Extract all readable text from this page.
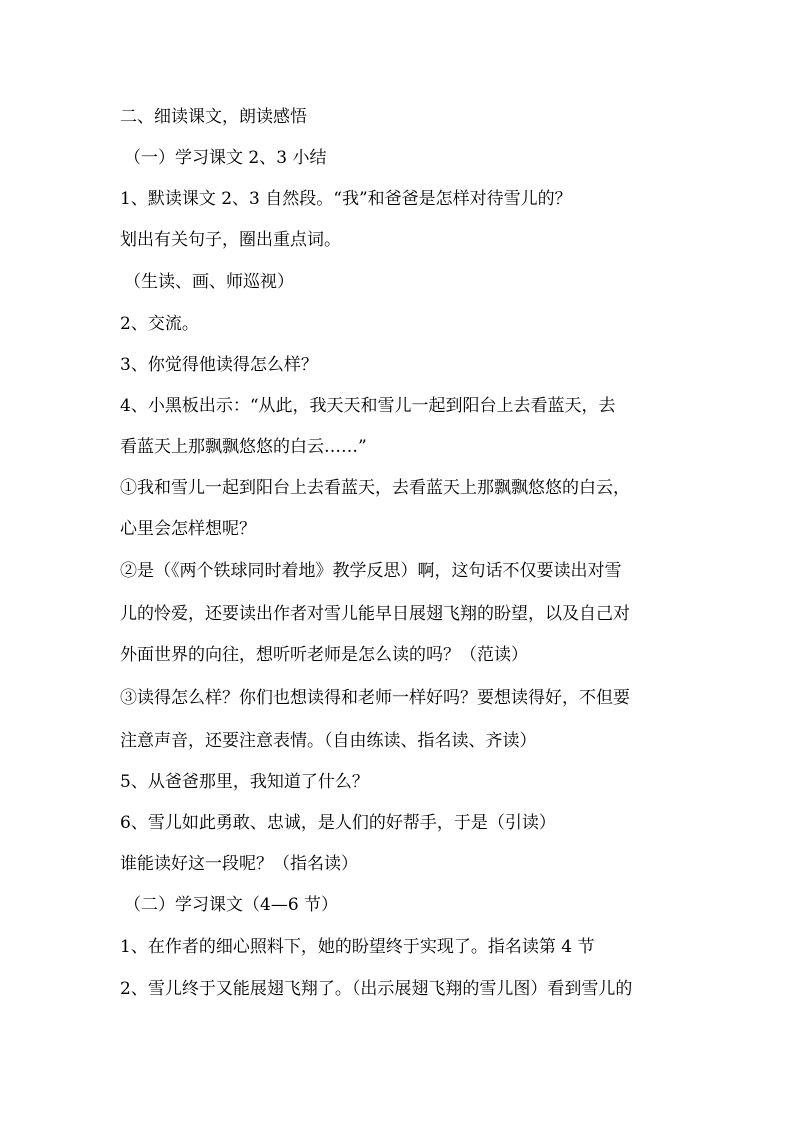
二、细读课文，朗读感悟
（一）学习课文 2、3 小结
1、默读课文 2、3 自然段。“我”和爸爸是怎样对待雪儿的？
划出有关句子，圈出重点词。
（生读、画、师巡视）
2、交流。
3、你觉得他读得怎么样？
4、小黑板出示：“从此，我天天和雪儿一起到阳台上去看蓝天，去
看蓝天上那飘飘悠悠的白云……”
①我和雪儿一起到阳台上去看蓝天，去看蓝天上那飘飘悠悠的白云，
心里会怎样想呢？
②是（《两个铁球同时着地》教学反思）啊，这句话不仅要读出对雪
儿的怜爱，还要读出作者对雪儿能早日展翅飞翔的盼望，以及自己对
外面世界的向往，想听听老师是怎么读的吗？（范读）
③读得怎么样？你们也想读得和老师一样好吗？要想读得好，不但要
注意声音，还要注意表情。（自由练读、指名读、齐读）
5、从爸爸那里，我知道了什么？
6、雪儿如此勇敢、忠诚，是人们的好帮手，于是（引读）
谁能读好这一段呢？（指名读）
（二）学习课文（4—6 节）
1、在作者的细心照料下，她的盼望终于实现了。指名读第 4 节
2、雪儿终于又能展翅飞翔了。（出示展翅飞翔的雪儿图）看到雪儿的
